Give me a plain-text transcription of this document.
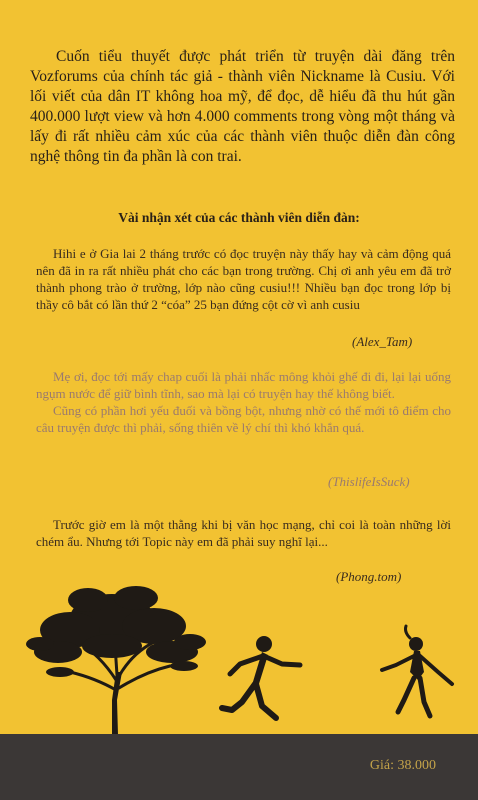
Cuốn tiểu thuyết được phát triển từ truyện dài đăng trên Vozforums của chính tác giả - thành viên Nickname là Cusiu. Với lối viết của dân IT không hoa mỹ, để đọc, dễ hiểu đã thu hút gần 400.000 lượt view và hơn 4.000 comments trong vòng một tháng và lấy đi rất nhiều cảm xúc của các thành viên thuộc diễn đàn công nghệ thông tin đa phần là con trai.

Vài nhận xét của các thành viên diễn đàn:

Hihi e ở Gia lai 2 tháng trước có đọc truyện này thấy hay và cảm động quá nên đã in ra rất nhiều phát cho các bạn trong trường. Chị ơi anh yêu em đã trở thành phong trào ở trường, lớp nào cũng cusiu!!! Nhiều bạn đọc trong lớp bị thầy cô bắt có lần thứ 2 “cóa” 25 bạn đứng cột cờ vì anh cusiu

(Alex_Tam)

Mẹ ơi, đọc tới mấy chap cuối là phải nhấc mông khỏi ghế đi đi, lại lại uống ngụm nước để giữ bình tĩnh, sao mà lại có truyện hay thế không biết.

Cũng có phần hơi yếu đuối và bồng bột, nhưng nhờ có thế mới tô điểm cho câu truyện được thì phải, sống thiên về lý chí thì khó khắn quá.

(ThislifeIsSuck)

Trước giờ em là một thằng khi bị văn học mạng, chỉ coi là toàn những lời chém ẩu. Nhưng tới Topic này em đã phải suy nghĩ lại...

(Phong.tom)
Giá: 38.000
